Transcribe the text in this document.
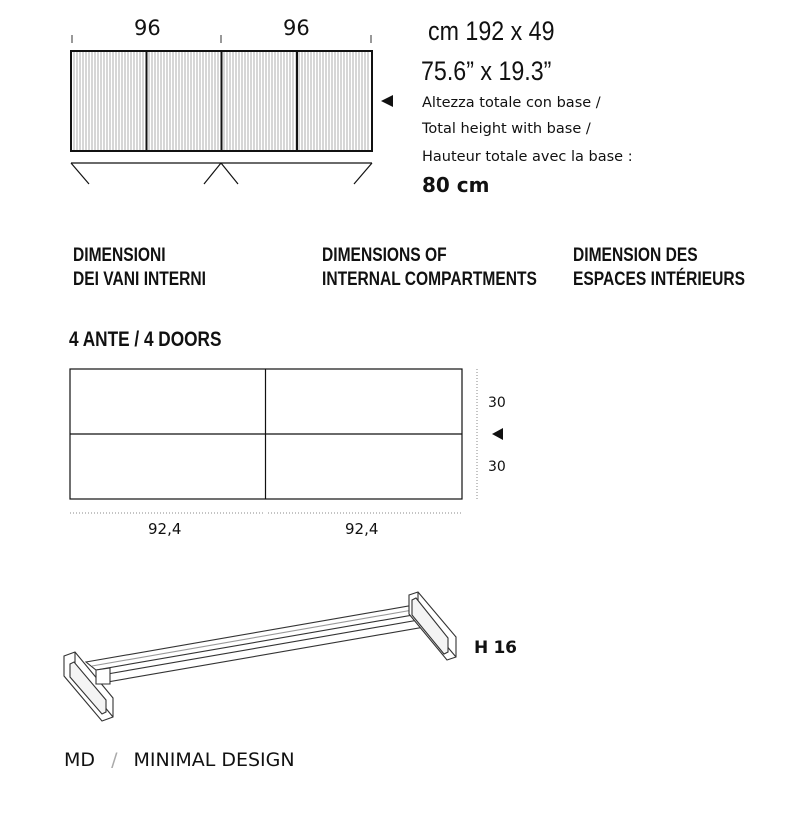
96	96	cm 192 x 49
75.6” x 19.3”
Altezza totale con base /
Total height with base /
Hauteur totale avec la base :
80 cm
DIMENSIONI
DEI VANI INTERNI
DIMENSIONS OF
INTERNAL COMPARTMENTS
DIMENSION DES
ESPACES INTÉRIEURS
4 ANTE / 4 DOORS
30
30
92,4	92,4
H 16
MD / MINIMAL DESIGN
